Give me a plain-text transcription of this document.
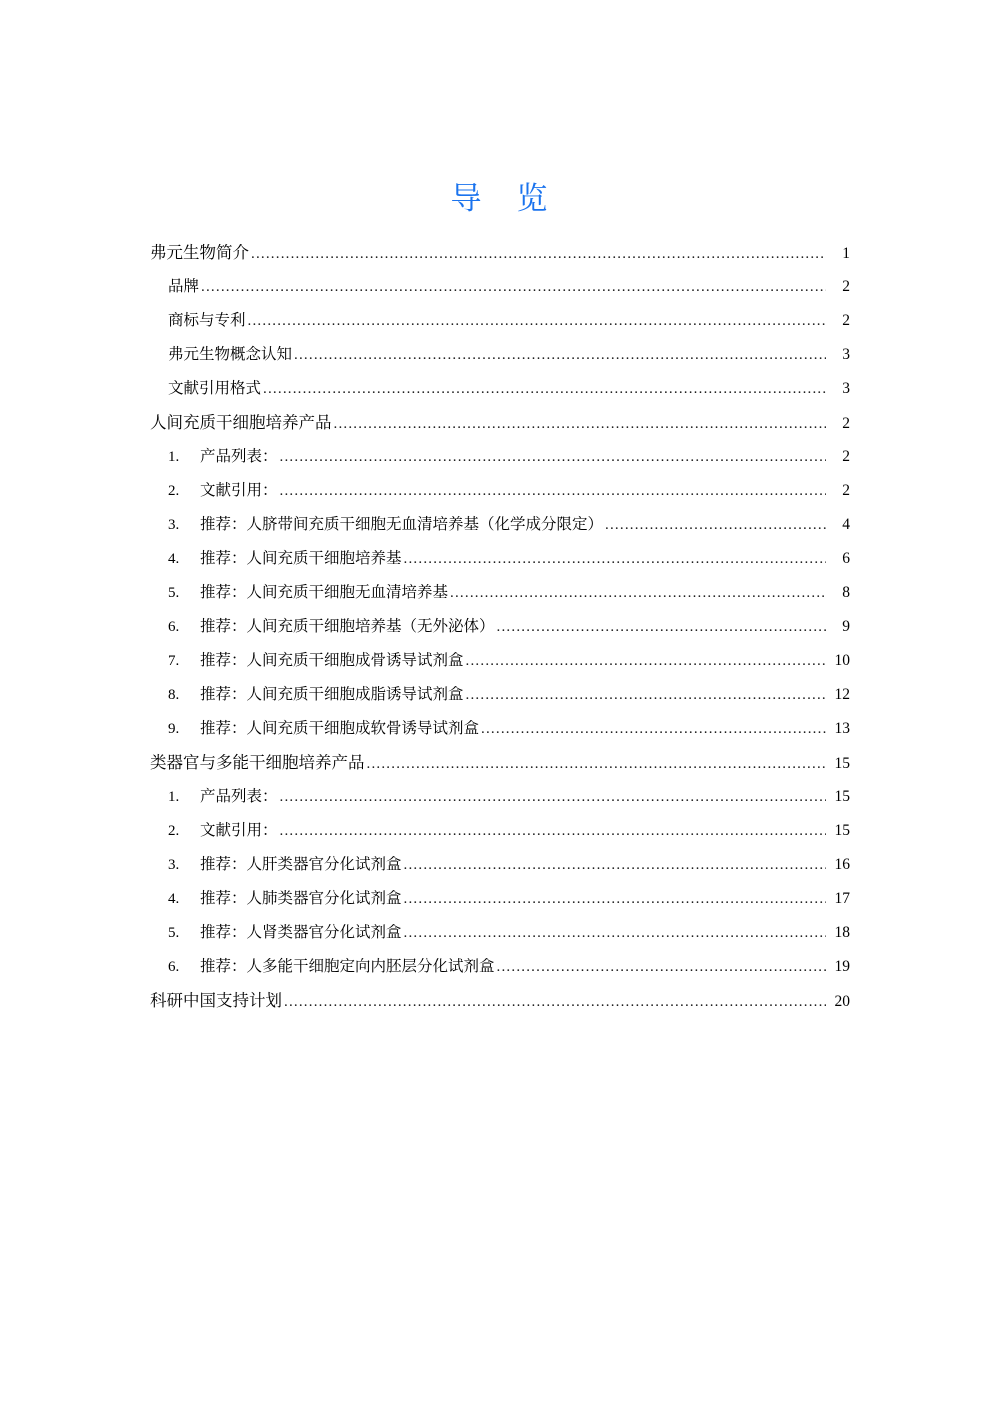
导　览
弗元生物简介 .....	1
品牌 .....	2
商标与专利 .....	2
弗元生物概念认知 .....	3
文献引用格式 .....	3
人间充质干细胞培养产品 .....	2
1.	产品列表： .....	2
2.	文献引用： .....	2
3.	推荐：人脐带间充质干细胞无血清培养基（化学成分限定） .....	4
4.	推荐：人间充质干细胞培养基 .....	6
5.	推荐：人间充质干细胞无血清培养基 .....	8
6.	推荐：人间充质干细胞培养基（无外泌体） .....	9
7.	推荐：人间充质干细胞成骨诱导试剂盒 .....	10
8.	推荐：人间充质干细胞成脂诱导试剂盒 .....	12
9.	推荐：人间充质干细胞成软骨诱导试剂盒 .....	13
类器官与多能干细胞培养产品 .....	15
1.	产品列表： .....	15
2.	文献引用： .....	15
3.	推荐：人肝类器官分化试剂盒 .....	16
4.	推荐：人肺类器官分化试剂盒 .....	17
5.	推荐：人肾类器官分化试剂盒 .....	18
6.	推荐：人多能干细胞定向内胚层分化试剂盒 .....	19
科研中国支持计划 .....	20
